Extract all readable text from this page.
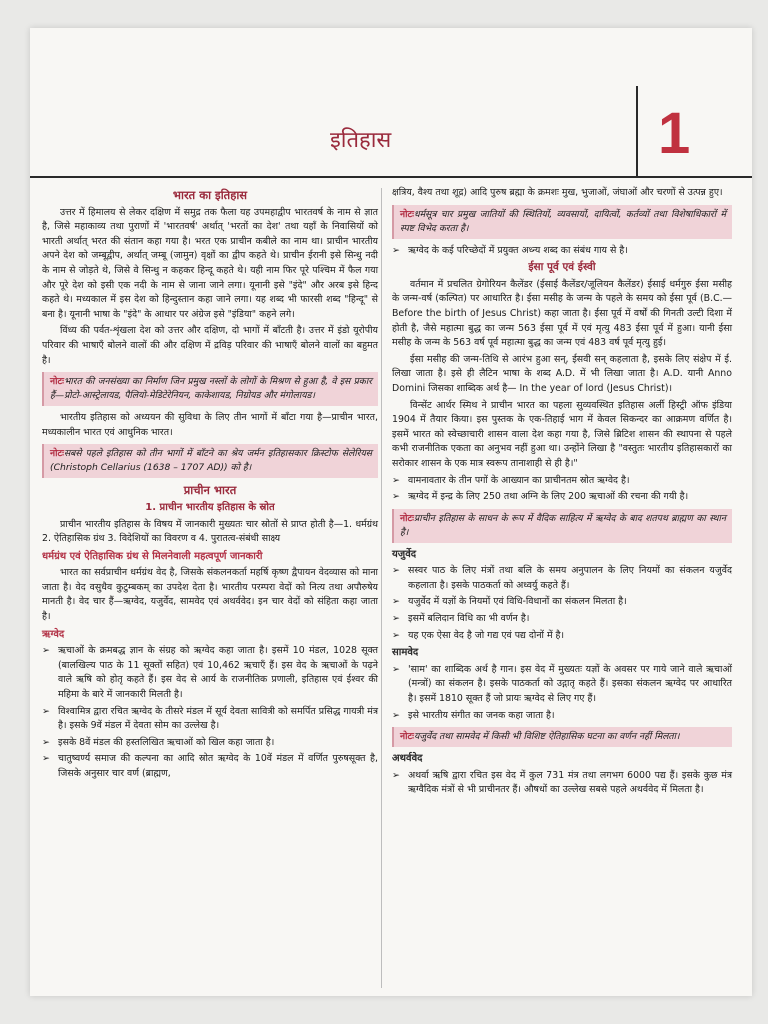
इतिहास	1
भारत का इतिहास

उत्तर में हिमालय से लेकर दक्षिण में समुद्र तक फैला यह उपमहाद्वीप भारतवर्ष के नाम से ज्ञात है, जिसे महाकाव्य तथा पुराणों में 'भारतवर्ष' अर्थात् 'भरतों का देश' तथा यहाँ के निवासियों को भारती अर्थात् भरत की संतान कहा गया है। भरत एक प्राचीन कबीले का नाम था। प्राचीन भारतीय अपने देश को जम्बूद्वीप, अर्थात् जम्बू (जामुन) वृक्षों का द्वीप कहते थे। प्राचीन ईरानी इसे सिन्धु नदी के नाम से जोड़ते थे, जिसे वे सिन्धु न कहकर हिन्दू कहते थे। यही नाम फिर पूरे पश्चिम में फैल गया और पूरे देश को इसी एक नदी के नाम से जाना जाने लगा। यूनानी इसे "इंदे" और अरब इसे हिन्द कहते थे। मध्यकाल में इस देश को हिन्दुस्तान कहा जाने लगा। यह शब्द भी फारसी शब्द "हिन्दू" से बना है। यूनानी भाषा के "इंदे" के आधार पर अंग्रेज इसे "इंडिया" कहने लगे।

विंध्य की पर्वत-शृंखला देश को उत्तर और दक्षिण, दो भागों में बाँटती है। उत्तर में इंडो यूरोपीय परिवार की भाषाएँ बोलने वालों की और दक्षिण में द्रविड़ परिवार की भाषाएँ बोलने वालों का बहुमत है।

नोटःभारत की जनसंख्या का निर्माण जिन प्रमुख नस्लों के लोगों के मिश्रण से हुआ है, वे इस प्रकार हैं—प्रोटो-आस्ट्रेलायड, पैलियो-मेडिटेरेनियन, काकेशायड, निग्रोयड और मंगोलायड।

भारतीय इतिहास को अध्ययन की सुविधा के लिए तीन भागों में बाँटा गया है—प्राचीन भारत, मध्यकालीन भारत एवं आधुनिक भारत।

नोटःसबसे पहले इतिहास को तीन भागों में बाँटने का श्रेय जर्मन इतिहासकार क्रिस्टोफ सेलेरियस (Christoph Cellarius (1638 – 1707 AD)) को है।
प्राचीन भारत
1. प्राचीन भारतीय इतिहास के स्रोत

प्राचीन भारतीय इतिहास के विषय में जानकारी मुख्यतः चार स्रोतों से प्राप्त होती है—1. धर्मग्रंथ 2. ऐतिहासिक ग्रंथ 3. विदेशियों का विवरण व 4. पुरातत्व-संबंधी साक्ष्य

धर्मग्रंथ एवं ऐतिहासिक ग्रंथ से मिलनेवाली महत्वपूर्ण जानकारी

भारत का सर्वप्राचीन धर्मग्रंथ वेद है, जिसके संकलनकर्ता महर्षि कृष्ण द्वैपायन वेदव्यास को माना जाता है। वेद वसुधैव कुटुम्बकम् का उपदेश देता है। भारतीय परम्परा वेदों को नित्य तथा अपौरुषेय मानती है। वेद चार हैं—ऋग्वेद, यजुर्वेद, सामवेद एवं अथर्ववेद। इन चार वेदों को संहिता कहा जाता है।

ऋग्वेद
➢ ऋचाओं के क्रमबद्ध ज्ञान के संग्रह को ऋग्वेद कहा जाता है। इसमें 10 मंडल, 1028 सूक्त (बालखिल्य पाठ के 11 सूक्तों सहित) एवं 10,462 ऋचाएँ हैं। इस वेद के ऋचाओं के पढ़ने वाले ऋषि को होतृ कहते हैं। इस वेद से आर्य के राजनीतिक प्रणाली, इतिहास एवं ईश्वर की महिमा के बारे में जानकारी मिलती है।
➢ विश्वामित्र द्वारा रचित ऋग्वेद के तीसरे मंडल में सूर्य देवता सावित्री को समर्पित प्रसिद्ध गायत्री मंत्र है। इसके 9वें मंडल में देवता सोम का उल्लेख है।
➢ इसके 8वें मंडल की हस्तलिखित ऋचाओं को खिल कहा जाता है।
➢ चातुष्वर्ण्य समाज की कल्पना का आदि स्रोत ऋग्वेद के 10वें मंडल में वर्णित पुरुषसूक्त है, जिसके अनुसार चार वर्ण (ब्राह्मण,

क्षत्रिय, वैश्य तथा शूद्र) आदि पुरुष ब्रह्मा के क्रमशः मुख, भुजाओं, जंघाओं और चरणों से उत्पन्न हुए।

नोटःधर्मसूत्र चार प्रमुख जातियों की स्थितियों, व्यवसायों, दायित्वों, कर्तव्यों तथा विशेषाधिकारों में स्पष्ट विभेद करता है।
➢ ऋग्वेद के कई परिच्छेदों में प्रयुक्त अध्न्य शब्द का संबंध गाय से है।
ईसा पूर्व एवं ईस्वी

वर्तमान में प्रचलित ग्रेगोरियन कैलेंडर (ईसाई कैलेंडर/जूलियन कैलेंडर) ईसाई धर्मगुरु ईसा मसीह के जन्म-वर्ष (कल्पित) पर आधारित है। ईसा मसीह के जन्म के पहले के समय को ईसा पूर्व (B.C.—Before the birth of Jesus Christ) कहा जाता है। ईसा पूर्व में वर्षों की गिनती उल्टी दिशा में होती है, जैसे महात्मा बुद्ध का जन्म 563 ईसा पूर्व में एवं मृत्यु 483 ईसा पूर्व में हुआ। यानी ईसा मसीह के जन्म के 563 वर्ष पूर्व महात्मा बुद्ध का जन्म एवं 483 वर्ष पूर्व मृत्यु हुई।

ईसा मसीह की जन्म-तिथि से आरंभ हुआ सन्, ईसवी सन् कहलाता है, इसके लिए संक्षेप में ई. लिखा जाता है। इसे ही लैटिन भाषा के शब्द A.D. में भी लिखा जाता है। A.D. यानी Anno Domini जिसका शाब्दिक अर्थ है— In the year of lord (Jesus Christ)।

विन्सेंट आर्थर स्मिथ ने प्राचीन भारत का पहला सुव्यवस्थित इतिहास अर्ली हिस्ट्री ऑफ इंडिया 1904 में तैयार किया। इस पुस्तक के एक-तिहाई भाग में केवल सिकन्दर का आक्रमण वर्णित है। इसमें भारत को स्वेच्छाचारी शासन वाला देश कहा गया है, जिसे ब्रिटिश शासन की स्थापना से पहले कभी राजनीतिक एकता का अनुभव नहीं हुआ था। उन्होंने लिखा है "वस्तुतः भारतीय इतिहासकारों का सरोकार शासन के एक मात्र स्वरूप तानाशाही से ही है।"

➢ वामनावतार के तीन पगों के आख्यान का प्राचीनतम स्रोत ऋग्वेद है।
➢ ऋग्वेद में इन्द्र के लिए 250 तथा अग्नि के लिए 200 ऋचाओं की रचना की गयी है।
नोटःप्राचीन इतिहास के साधन के रूप में वैदिक साहित्य में ऋग्वेद के बाद शतपथ ब्राह्मण का स्थान है।
यजुर्वेद
➢ सस्वर पाठ के लिए मंत्रों तथा बलि के समय अनुपालन के लिए नियमों का संकलन यजुर्वेद कहलाता है। इसके पाठकर्ता को अध्वर्यु कहते हैं।
➢ यजुर्वेद में यज्ञों के नियमों एवं विधि-विधानों का संकलन मिलता है।
➢ इसमें बलिदान विधि का भी वर्णन है।
➢ यह एक ऐसा वेद है जो गद्य एवं पद्य दोनों में है।
सामवेद
➢ 'साम' का शाब्दिक अर्थ है गान। इस वेद में मुख्यतः यज्ञों के अवसर पर गाये जाने वाले ऋचाओं (मन्त्रों) का संकलन है। इसके पाठकर्ता को उद्गातृ कहते हैं। इसका संकलन ऋग्वेद पर आधारित है। इसमें 1810 सूक्त हैं जो प्रायः ऋग्वेद से लिए गए हैं।
➢ इसे भारतीय संगीत का जनक कहा जाता है।
नोटःयजुर्वेद तथा सामवेद में किसी भी विशिष्ट ऐतिहासिक घटना का वर्णन नहीं मिलता।
अथर्ववेद
➢ अथर्वा ऋषि द्वारा रचित इस वेद में कुल 731 मंत्र तथा लगभग 6000 पद्य हैं। इसके कुछ मंत्र ऋग्वैदिक मंत्रों से भी प्राचीनतर हैं। औषधों का उल्लेख सबसे पहले अथर्ववेद में मिलता है।
